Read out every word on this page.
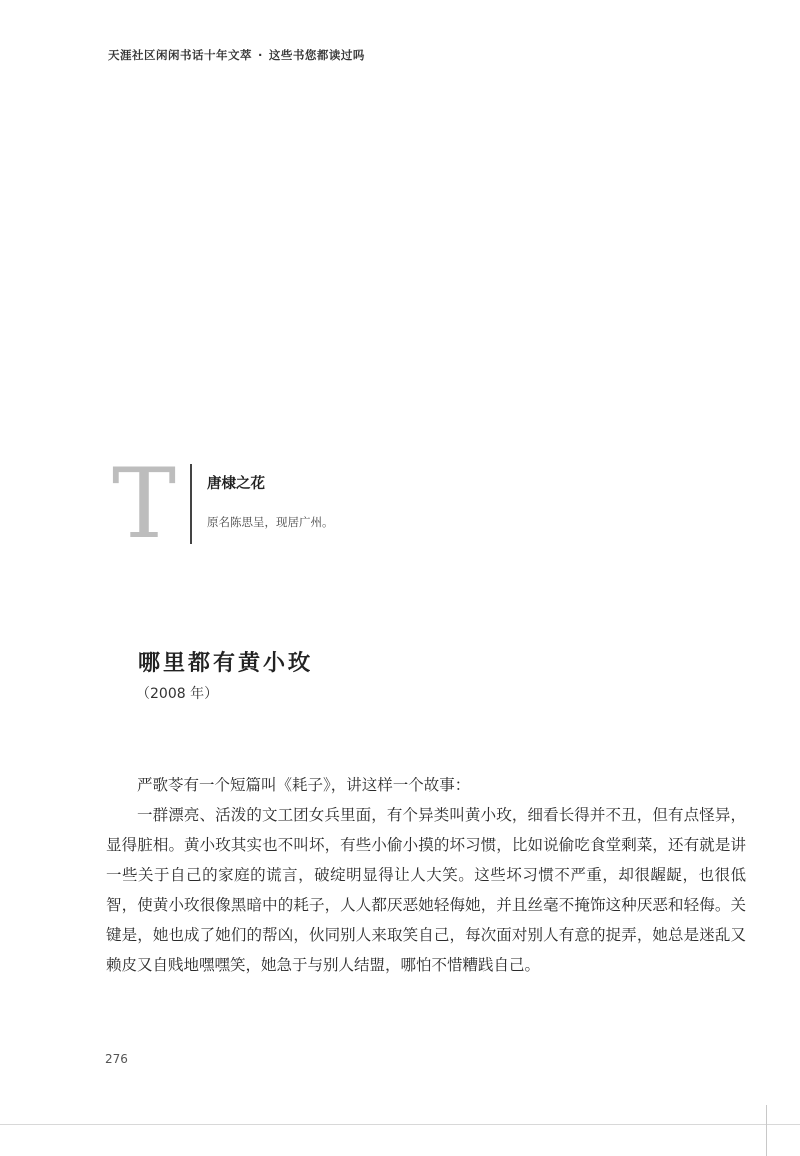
天涯社区闲闲书话十年文萃 · 这些书您都读过吗
T 唐棣之花
原名陈思呈，现居广州。
哪里都有黄小玫
（2008 年）

严歌苓有一个短篇叫《耗子》，讲这样一个故事：

一群漂亮、活泼的文工团女兵里面，有个异类叫黄小玫，细看长得并不丑，但有点怪异，显得脏相。黄小玫其实也不叫坏，有些小偷小摸的坏习惯，比如说偷吃食堂剩菜，还有就是讲一些关于自己的家庭的谎言，破绽明显得让人大笑。这些坏习惯不严重，却很龌龊，也很低智，使黄小玫很像黑暗中的耗子，人人都厌恶她轻侮她，并且丝毫不掩饰这种厌恶和轻侮。关键是，她也成了她们的帮凶，伙同别人来取笑自己，每次面对别人有意的捉弄，她总是迷乱又赖皮又自贱地嘿嘿笑，她急于与别人结盟，哪怕不惜糟践自己。

276
